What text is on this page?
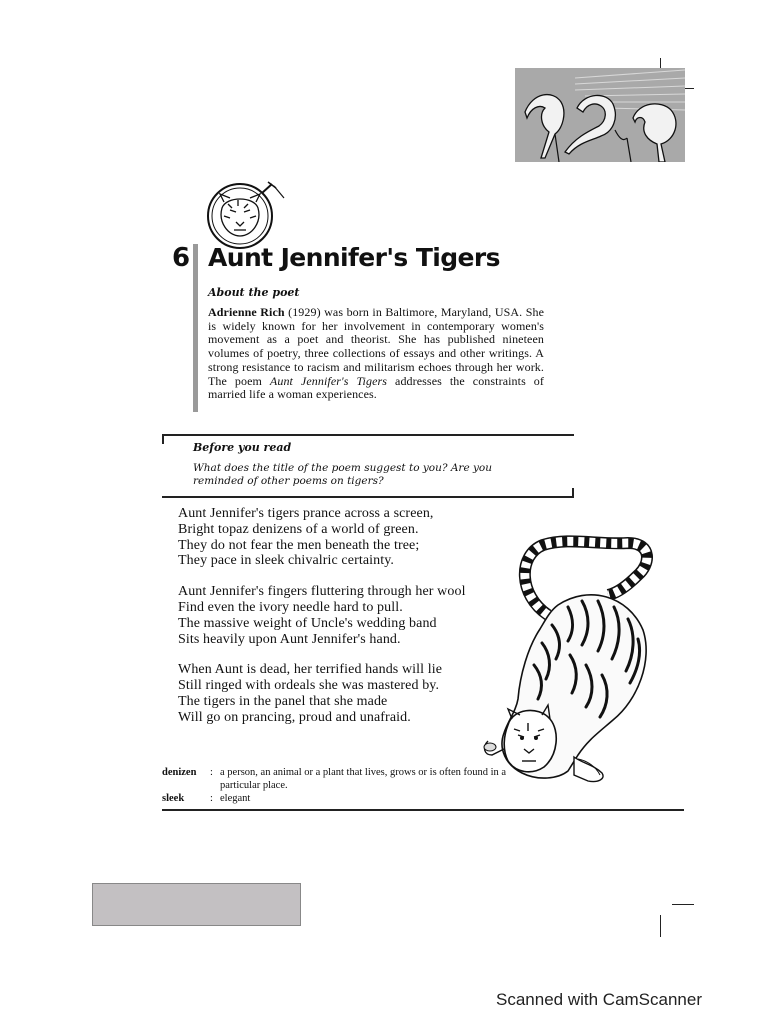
6 Aunt Jennifer's Tigers
About the poet
Adrienne Rich (1929) was born in Baltimore, Maryland, USA. She is widely known for her involvement in contemporary women's movement as a poet and theorist. She has published nineteen volumes of poetry, three collections of essays and other writings. A strong resistance to racism and militarism echoes through her work. The poem Aunt Jennifer's Tigers addresses the constraints of married life a woman experiences.
Before you read
What does the title of the poem suggest to you? Are you reminded of other poems on tigers?
Aunt Jennifer's tigers prance across a screen,
Bright topaz denizens of a world of green.
They do not fear the men beneath the tree;
They pace in sleek chivalric certainty.
Aunt Jennifer's fingers fluttering through her wool
Find even the ivory needle hard to pull.
The massive weight of Uncle's wedding band
Sits heavily upon Aunt Jennifer's hand.
When Aunt is dead, her terrified hands will lie
Still ringed with ordeals she was mastered by.
The tigers in the panel that she made
Will go on prancing, proud and unafraid.
denizen	: a person, an animal or a plant that lives, grows or is often found in a particular place.
sleek	: elegant
Scanned with CamScanner
